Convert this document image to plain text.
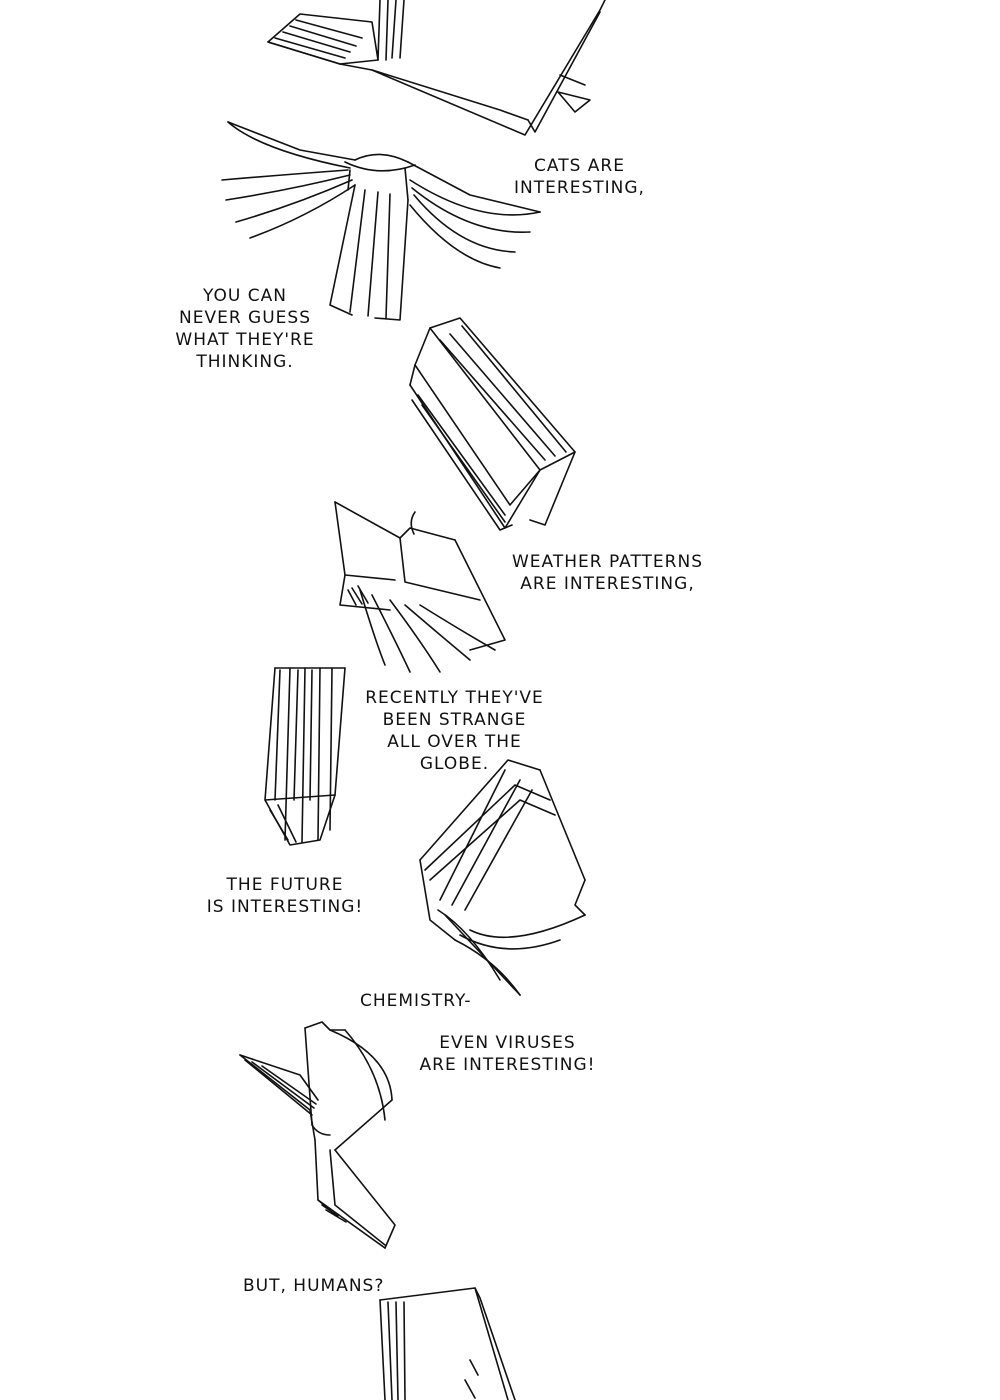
CATS ARE
INTERESTING,
YOU CAN
NEVER GUESS
WHAT THEY'RE
THINKING.
WEATHER PATTERNS
ARE INTERESTING,
RECENTLY THEY'VE
BEEN STRANGE
ALL OVER THE
GLOBE.
THE FUTURE
IS INTERESTING!
CHEMISTRY-
EVEN VIRUSES
ARE INTERESTING!
BUT, HUMANS?
